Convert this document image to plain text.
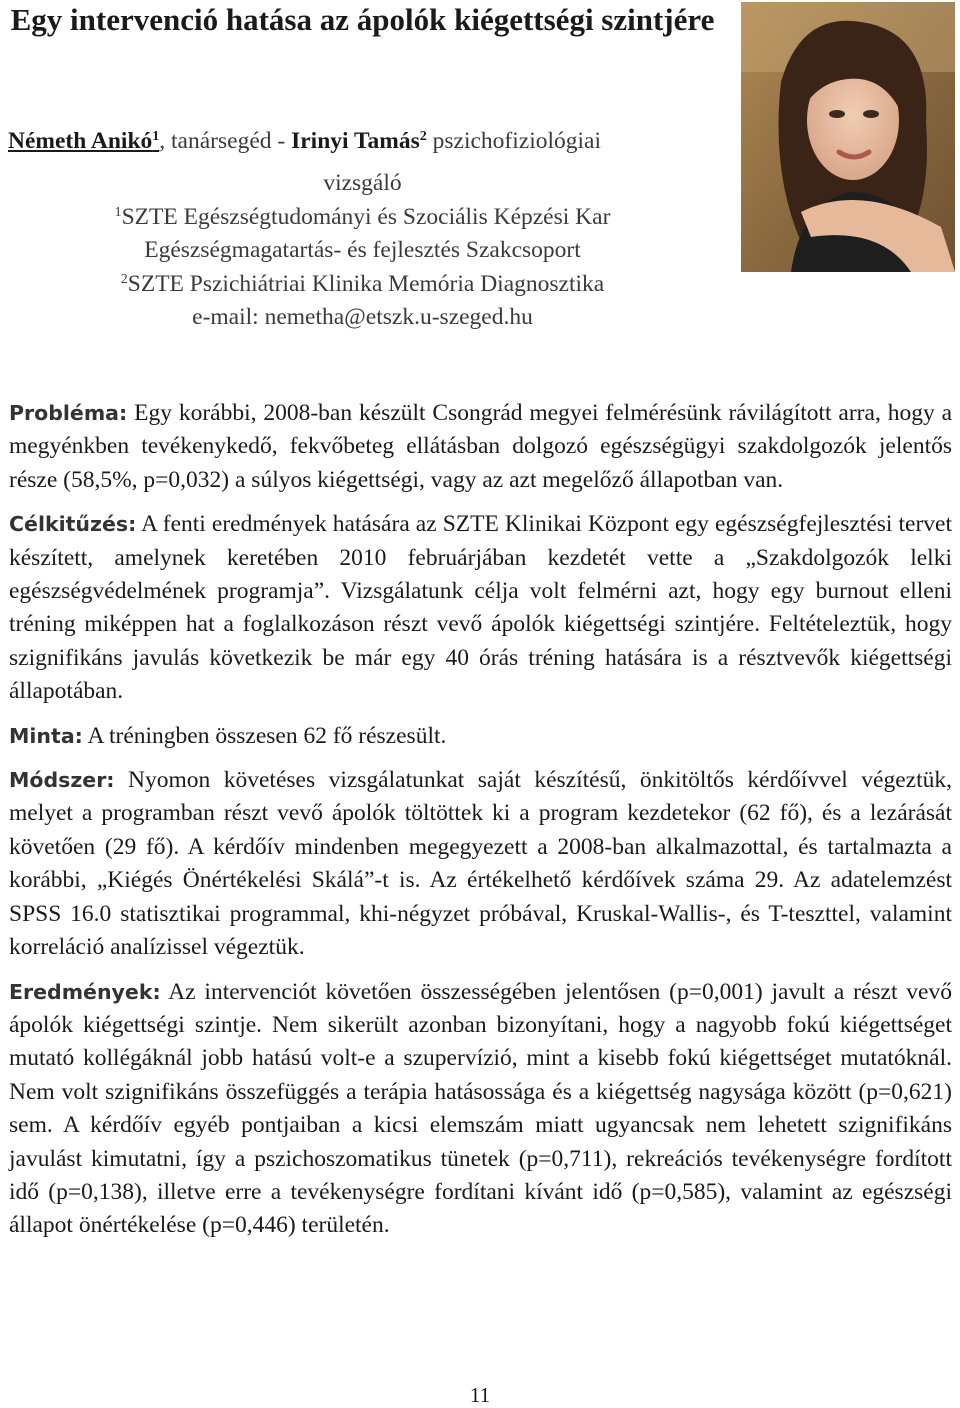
Egy intervenció hatása az ápolók kiégettségi szintjére
Németh Anikó$^1$, tanársegéd - Irinyi Tamás$^2$ pszichofiziológiai
vizsgáló
$^1$SZTE Egészségtudományi és Szociális Képzési Kar
Egészségmagatartás- és fejlesztés Szakcsoport
$^2$SZTE Pszichiátriai Klinika Memória Diagnosztika
e-mail: nemetha@etszk.u-szeged.hu

Probléma: Egy korábbi, 2008-ban készült Csongrád megyei felmérésünk rávilágított arra, hogy a megyénkben tevékenykedő, fekvőbeteg ellátásban dolgozó egészségügyi szakdolgozók jelentős része (58,5%, p=0,032) a súlyos kiégettségi, vagy az azt megelőző állapotban van.

Célkitűzés: A fenti eredmények hatására az SZTE Klinikai Központ egy egészségfejlesztési tervet készített, amelynek keretében 2010 februárjában kezdetét vette a „Szakdolgozók lelki egészségvédelmének programja”. Vizsgálatunk célja volt felmérni azt, hogy egy burnout elleni tréning miképpen hat a foglalkozáson részt vevő ápolók kiégettségi szintjére. Feltételeztük, hogy szignifikáns javulás következik be már egy 40 órás tréning hatására is a résztvevők kiégettségi állapotában.

Minta: A tréningben összesen 62 fő részesült.

Módszer: Nyomon követéses vizsgálatunkat saját készítésű, önkitöltős kérdőívvel végeztük, melyet a programban részt vevő ápolók töltöttek ki a program kezdetekor (62 fő), és a lezárását követően (29 fő). A kérdőív mindenben megegyezett a 2008-ban alkalmazottal, és tartalmazta a korábbi, „Kiégés Önértékelési Skálá”-t is. Az értékelhető kérdőívek száma 29. Az adatelemzést SPSS 16.0 statisztikai programmal, khi-négyzet próbával, Kruskal-Wallis-, és T-teszttel, valamint korreláció analízissel végeztük.

Eredmények: Az intervenciót követően összességében jelentősen (p=0,001) javult a részt vevő ápolók kiégettségi szintje. Nem sikerült azonban bizonyítani, hogy a nagyobb fokú kiégettséget mutató kollégáknál jobb hatású volt-e a szupervízió, mint a kisebb fokú kiégettséget mutatóknál. Nem volt szignifikáns összefüggés a terápia hatásossága és a kiégettség nagysága között (p=0,621) sem. A kérdőív egyéb pontjaiban a kicsi elemszám miatt ugyancsak nem lehetett szignifikáns javulást kimutatni, így a pszichoszomatikus tünetek (p=0,711), rekreációs tevékenységre fordított idő (p=0,138), illetve erre a tevékenységre fordítani kívánt idő (p=0,585), valamint az egészségi állapot önértékelése (p=0,446) területén.

11
